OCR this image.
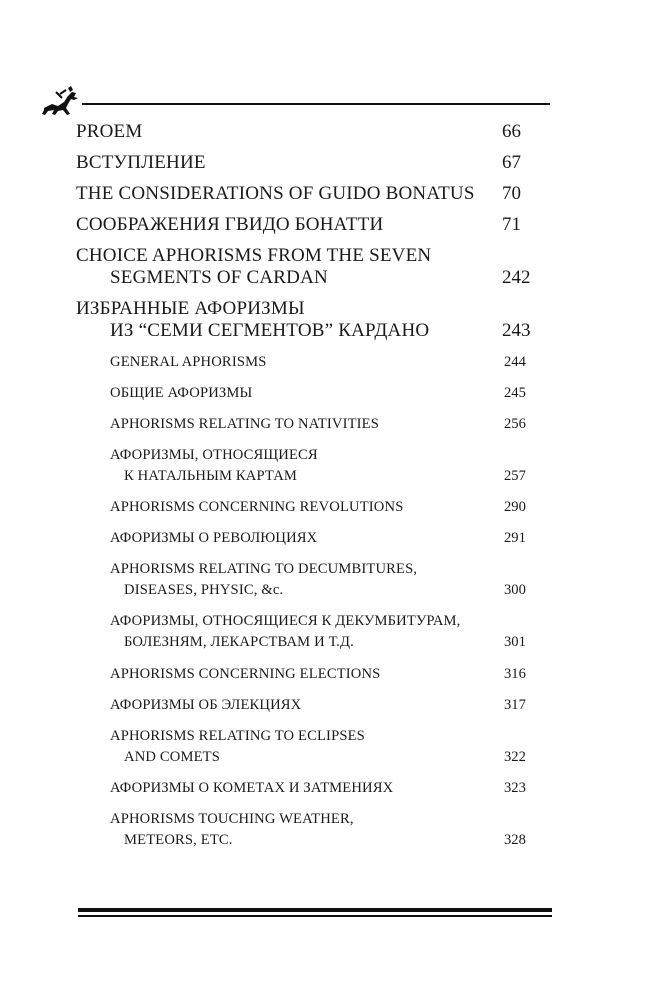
PROEM	66
ВСТУПЛЕНИЕ	67
THE CONSIDERATIONS OF GUIDO BONATUS 70
СООБРАЖЕНИЯ ГВИДО БОНАТТИ	71
CHOICE APHORISMS FROM THE SEVEN
SEGMENTS OF CARDAN	242
ИЗБРАННЫЕ АФОРИЗМЫ
ИЗ “СЕМИ СЕГМЕНТОВ” КАРДАНО	243
GENERAL APHORISMS	244
ОБЩИЕ АФОРИЗМЫ	245
APHORISMS RELATING TO NATIVITIES	256
АФОРИЗМЫ, ОТНОСЯЩИЕСЯ
К НАТАЛЬНЫМ КАРТАМ	257
APHORISMS CONCERNING REVOLUTIONS	290
АФОРИЗМЫ О РЕВОЛЮЦИЯХ	291
APHORISMS RELATING TO DECUMBITURES,
DISEASES, PHYSIC, &c.	300
АФОРИЗМЫ, ОТНОСЯЩИЕСЯ К ДЕКУМБИТУРАМ,
БОЛЕЗНЯМ, ЛЕКАРСТВАМ И Т.Д.	301
APHORISMS CONCERNING ELECTIONS	316
АФОРИЗМЫ ОБ ЭЛЕКЦИЯХ	317
APHORISMS RELATING TO ECLIPSES
AND COMETS	322
АФОРИЗМЫ О КОМЕТАХ И ЗАТМЕНИЯХ	323
APHORISMS TOUCHING WEATHER,
METEORS, ETC.	328
